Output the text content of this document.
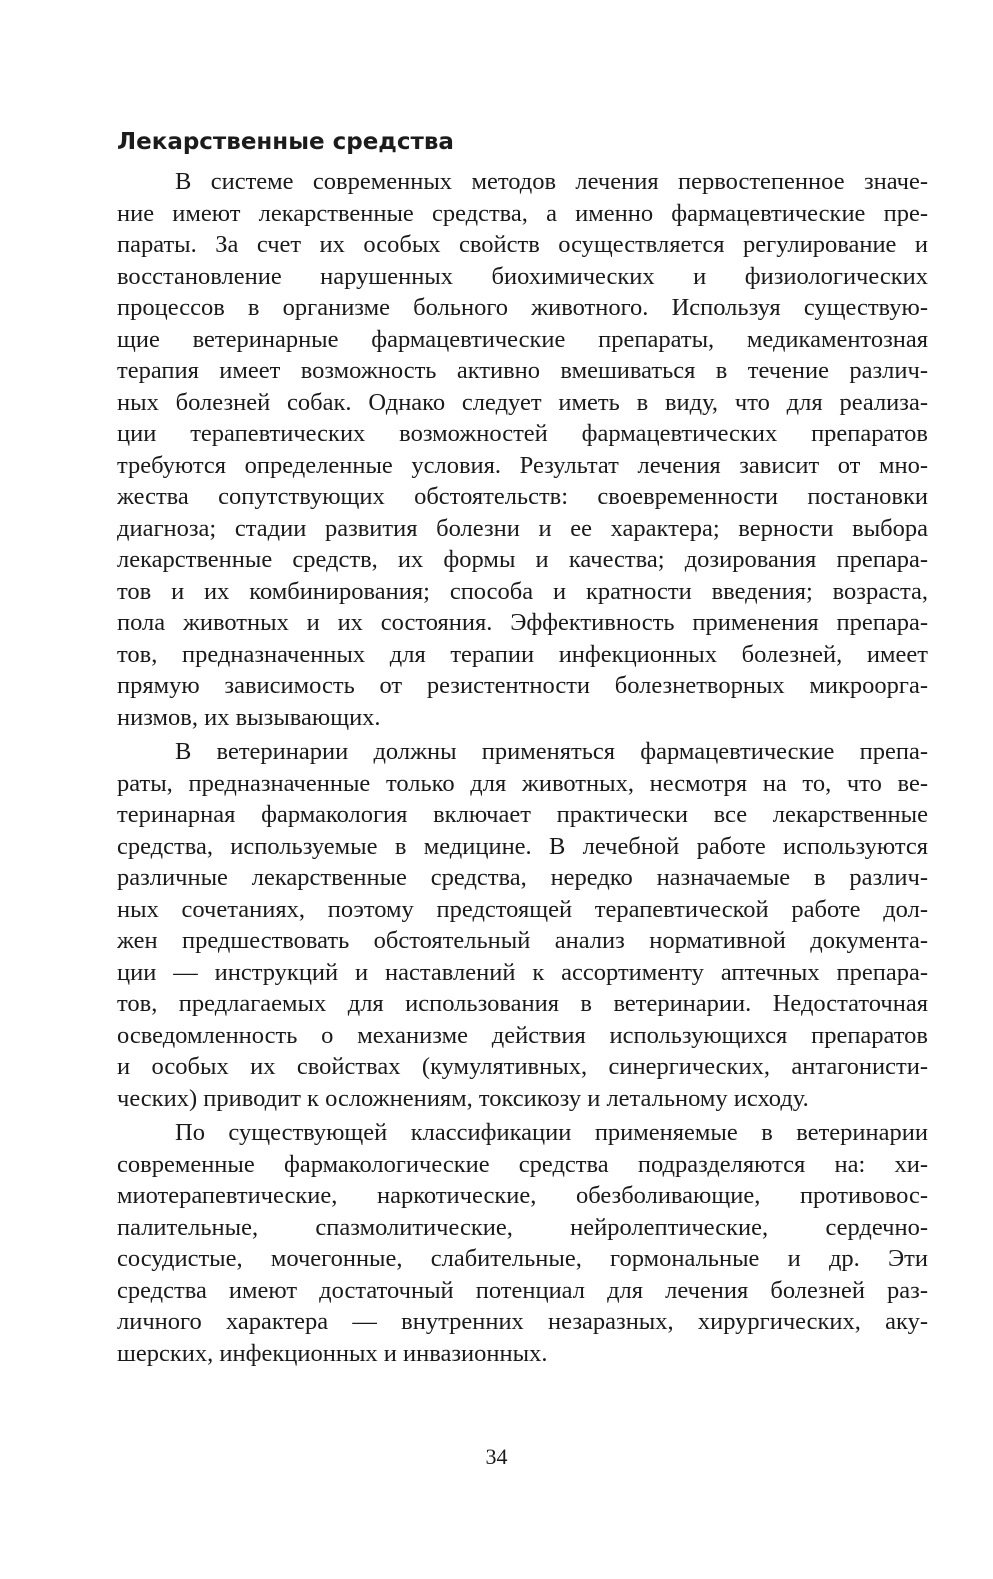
Лекарственные средства
В системе современных методов лечения первостепенное значе-
ние имеют лекарственные средства, а именно фармацевтические пре-
параты. За счет их особых свойств осуществляется регулирование и
восстановление нарушенных биохимических и физиологических
процессов в организме больного животного. Используя существую-
щие ветеринарные фармацевтические препараты, медикаментозная
терапия имеет возможность активно вмешиваться в течение различ-
ных болезней собак. Однако следует иметь в виду, что для реализа-
ции терапевтических возможностей фармацевтических препаратов
требуются определенные условия. Результат лечения зависит от мно-
жества сопутствующих обстоятельств: своевременности постановки
диагноза; стадии развития болезни и ее характера; верности выбора
лекарственные средств, их формы и качества; дозирования препара-
тов и их комбинирования; способа и кратности введения; возраста,
пола животных и их состояния. Эффективность применения препара-
тов, предназначенных для терапии инфекционных болезней, имеет
прямую зависимость от резистентности болезнетворных микроорга-
низмов, их вызывающих.
В ветеринарии должны применяться фармацевтические препа-
раты, предназначенные только для животных, несмотря на то, что ве-
теринарная фармакология включает практически все лекарственные
средства, используемые в медицине. В лечебной работе используются
различные лекарственные средства, нередко назначаемые в различ-
ных сочетаниях, поэтому предстоящей терапевтической работе дол-
жен предшествовать обстоятельный анализ нормативной документа-
ции — инструкций и наставлений к ассортименту аптечных препара-
тов, предлагаемых для использования в ветеринарии. Недостаточная
осведомленность о механизме действия использующихся препаратов
и особых их свойствах (кумулятивных, синергических, антагонисти-
ческих) приводит к осложнениям, токсикозу и летальному исходу.
По существующей классификации применяемые в ветеринарии
современные фармакологические средства подразделяются на: хи-
миотерапевтические, наркотические, обезболивающие, противовос-
палительные, спазмолитические, нейролептические, сердечно-
сосудистые, мочегонные, слабительные, гормональные и др. Эти
средства имеют достаточный потенциал для лечения болезней раз-
личного характера — внутренних незаразных, хирургических, аку-
шерских, инфекционных и инвазионных.
34
